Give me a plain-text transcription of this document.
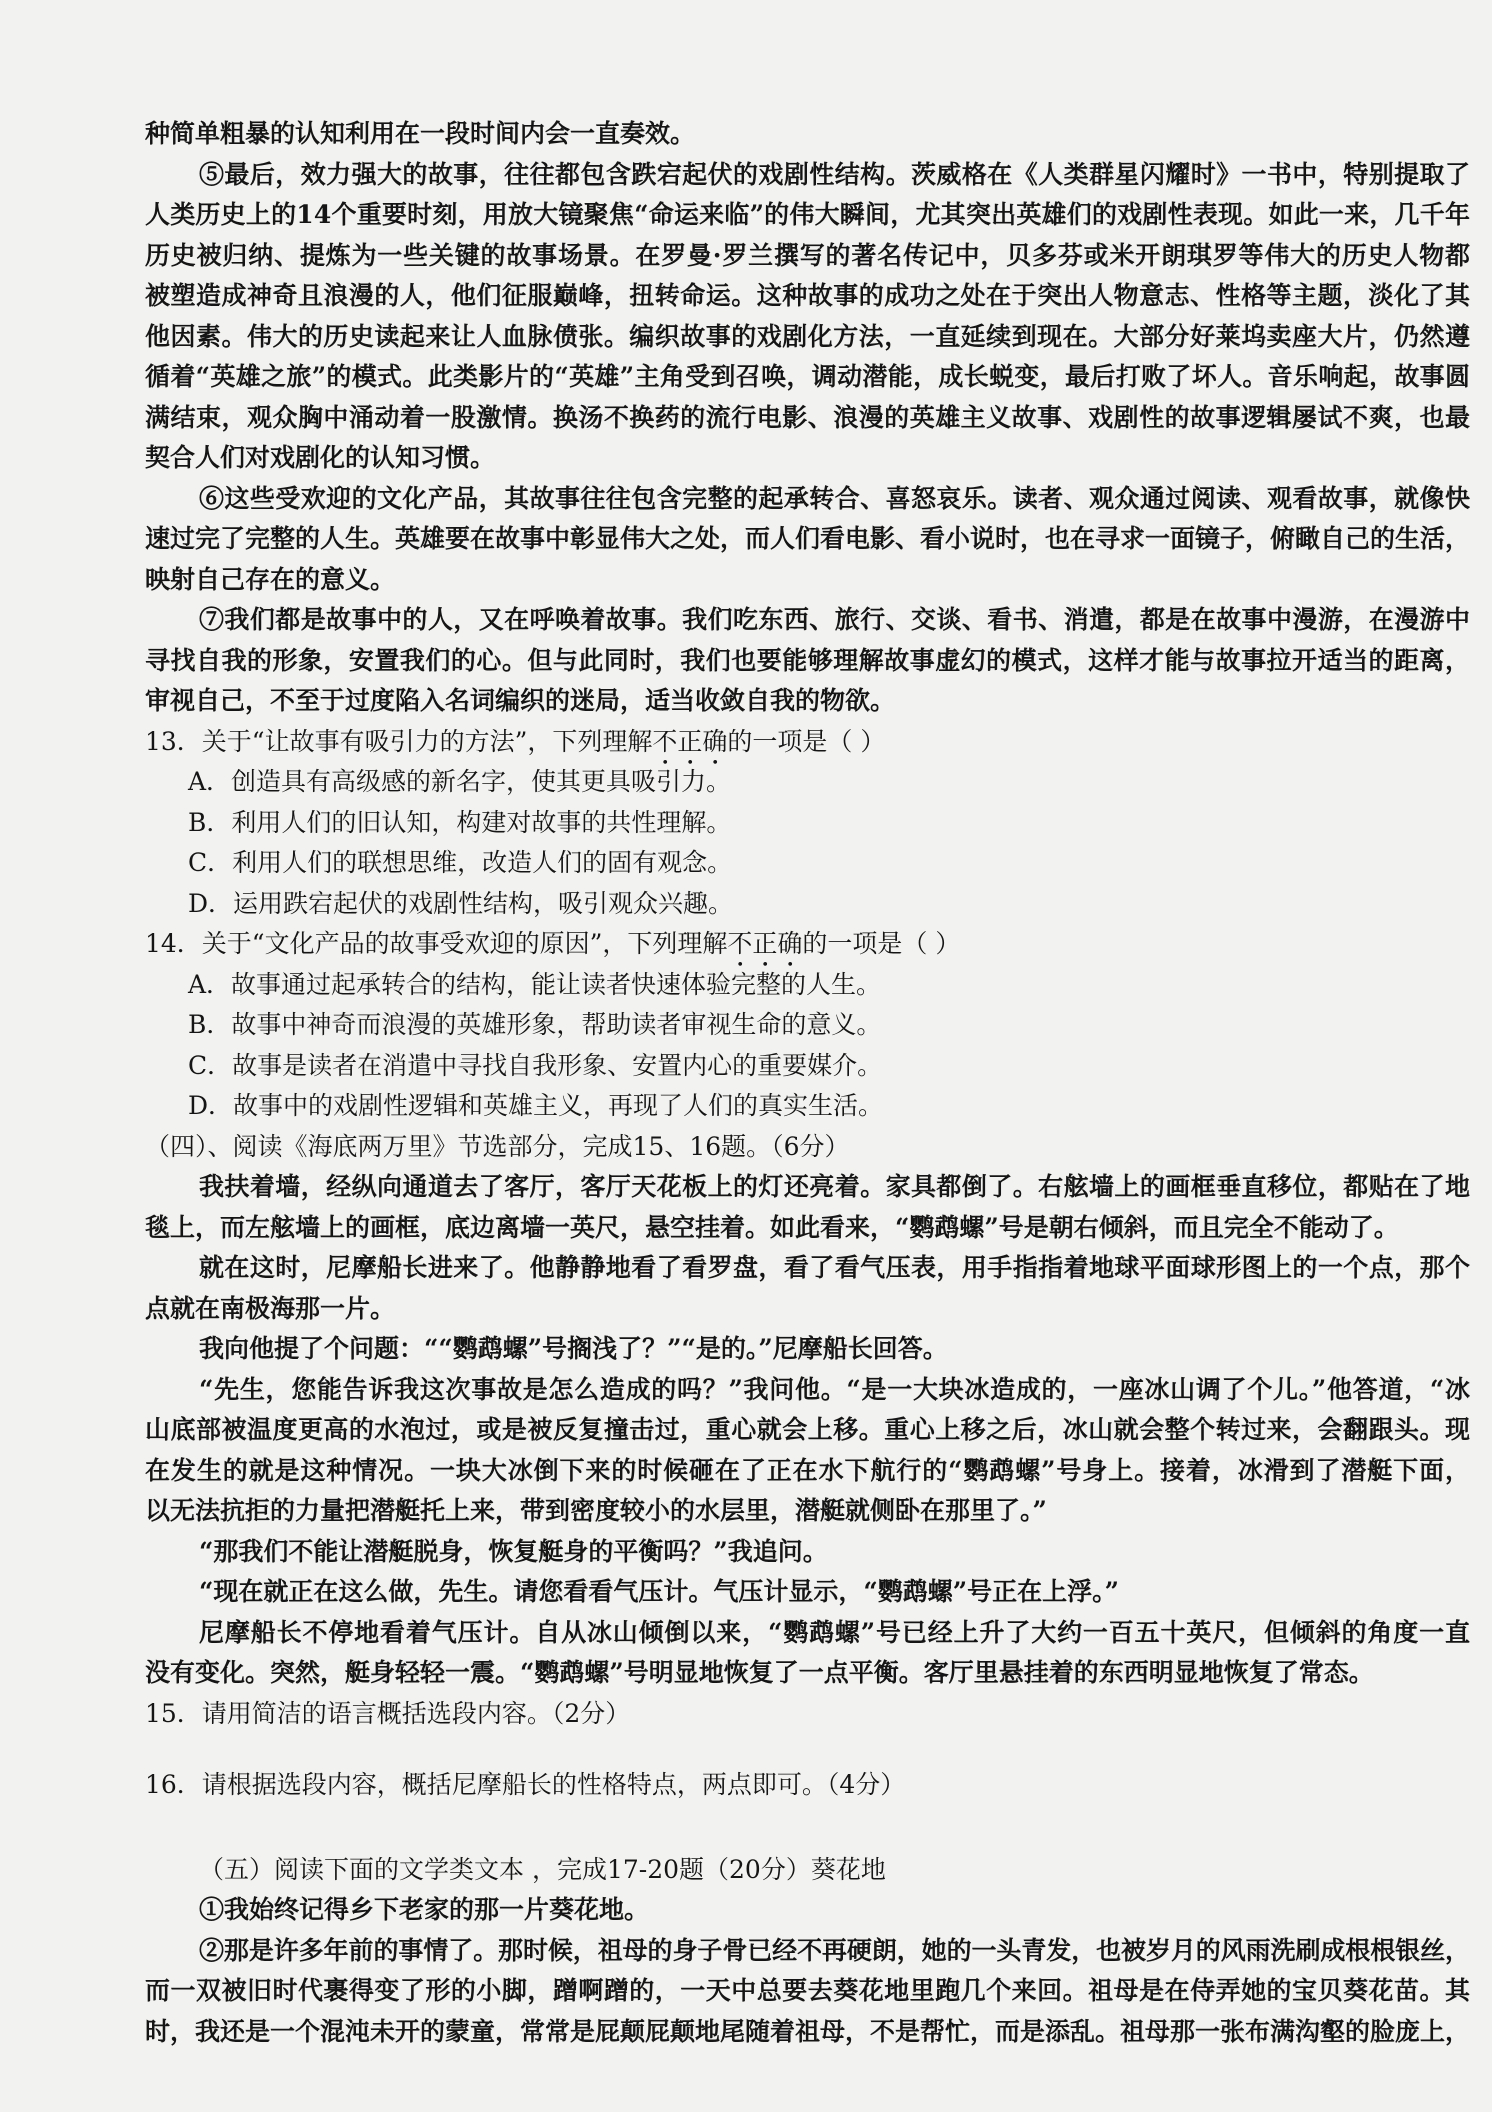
种简单粗暴的认知利用在一段时间内会一直奏效。
⑤最后，效力强大的故事，往往都包含跌宕起伏的戏剧性结构。茨威格在《人类群星闪耀时》一书中，特别提取了
人类历史上的14个重要时刻，用放大镜聚焦“命运来临”的伟大瞬间，尤其突出英雄们的戏剧性表现。如此一来，几千年
历史被归纳、提炼为一些关键的故事场景。在罗曼·罗兰撰写的著名传记中，贝多芬或米开朗琪罗等伟大的历史人物都
被塑造成神奇且浪漫的人，他们征服巅峰，扭转命运。这种故事的成功之处在于突出人物意志、性格等主题，淡化了其
他因素。伟大的历史读起来让人血脉偾张。编织故事的戏剧化方法，一直延续到现在。大部分好莱坞卖座大片，仍然遵
循着“英雄之旅”的模式。此类影片的“英雄”主角受到召唤，调动潜能，成长蜕变，最后打败了坏人。音乐响起，故事圆
满结束，观众胸中涌动着一股激情。换汤不换药的流行电影、浪漫的英雄主义故事、戏剧性的故事逻辑屡试不爽，也最
契合人们对戏剧化的认知习惯。
⑥这些受欢迎的文化产品，其故事往往包含完整的起承转合、喜怒哀乐。读者、观众通过阅读、观看故事，就像快
速过完了完整的人生。英雄要在故事中彰显伟大之处，而人们看电影、看小说时，也在寻求一面镜子，俯瞰自己的生活，
映射自己存在的意义。
⑦我们都是故事中的人，又在呼唤着故事。我们吃东西、旅行、交谈、看书、消遣，都是在故事中漫游，在漫游中
寻找自我的形象，安置我们的心。但与此同时，我们也要能够理解故事虚幻的模式，这样才能与故事拉开适当的距离，
审视自己，不至于过度陷入名词编织的迷局，适当收敛自我的物欲。
13．关于“让故事有吸引力的方法”，下列理解不正确的一项是（ ）
A．创造具有高级感的新名字，使其更具吸引力。
B．利用人们的旧认知，构建对故事的共性理解。
C．利用人们的联想思维，改造人们的固有观念。
D．运用跌宕起伏的戏剧性结构，吸引观众兴趣。
14．关于“文化产品的故事受欢迎的原因”，下列理解不正确的一项是（ ）
A．故事通过起承转合的结构，能让读者快速体验完整的人生。
B．故事中神奇而浪漫的英雄形象，帮助读者审视生命的意义。
C．故事是读者在消遣中寻找自我形象、安置内心的重要媒介。
D．故事中的戏剧性逻辑和英雄主义，再现了人们的真实生活。
（四）、阅读《海底两万里》节选部分，完成15、16题。（6分）
我扶着墙，经纵向通道去了客厅，客厅天花板上的灯还亮着。家具都倒了。右舷墙上的画框垂直移位，都贴在了地
毯上，而左舷墙上的画框，底边离墙一英尺，悬空挂着。如此看来，“鹦鹉螺”号是朝右倾斜，而且完全不能动了。
就在这时，尼摩船长进来了。他静静地看了看罗盘，看了看气压表，用手指指着地球平面球形图上的一个点，那个
点就在南极海那一片。
我向他提了个问题：““鹦鹉螺”号搁浅了？”“是的。”尼摩船长回答。
“先生，您能告诉我这次事故是怎么造成的吗？”我问他。“是一大块冰造成的，一座冰山调了个儿。”他答道，“冰
山底部被温度更高的水泡过，或是被反复撞击过，重心就会上移。重心上移之后，冰山就会整个转过来，会翻跟头。现
在发生的就是这种情况。一块大冰倒下来的时候砸在了正在水下航行的“鹦鹉螺”号身上。接着，冰滑到了潜艇下面，
以无法抗拒的力量把潜艇托上来，带到密度较小的水层里，潜艇就侧卧在那里了。”
“那我们不能让潜艇脱身，恢复艇身的平衡吗？”我追问。
“现在就正在这么做，先生。请您看看气压计。气压计显示，“鹦鹉螺”号正在上浮。”
尼摩船长不停地看着气压计。自从冰山倾倒以来，“鹦鹉螺”号已经上升了大约一百五十英尺，但倾斜的角度一直
没有变化。突然，艇身轻轻一震。“鹦鹉螺”号明显地恢复了一点平衡。客厅里悬挂着的东西明显地恢复了常态。
15．请用简洁的语言概括选段内容。（2分）
16．请根据选段内容，概括尼摩船长的性格特点，两点即可。（4分）
（五）阅读下面的文学类文本 ，完成17-20题（20分）葵花地
①我始终记得乡下老家的那一片葵花地。
②那是许多年前的事情了。那时候，祖母的身子骨已经不再硬朗，她的一头青发，也被岁月的风雨洗刷成根根银丝，
而一双被旧时代裹得变了形的小脚，蹭啊蹭的，一天中总要去葵花地里跑几个来回。祖母是在侍弄她的宝贝葵花苗。其
时，我还是一个混沌未开的蒙童，常常是屁颠屁颠地尾随着祖母，不是帮忙，而是添乱。祖母那一张布满沟壑的脸庞上，
